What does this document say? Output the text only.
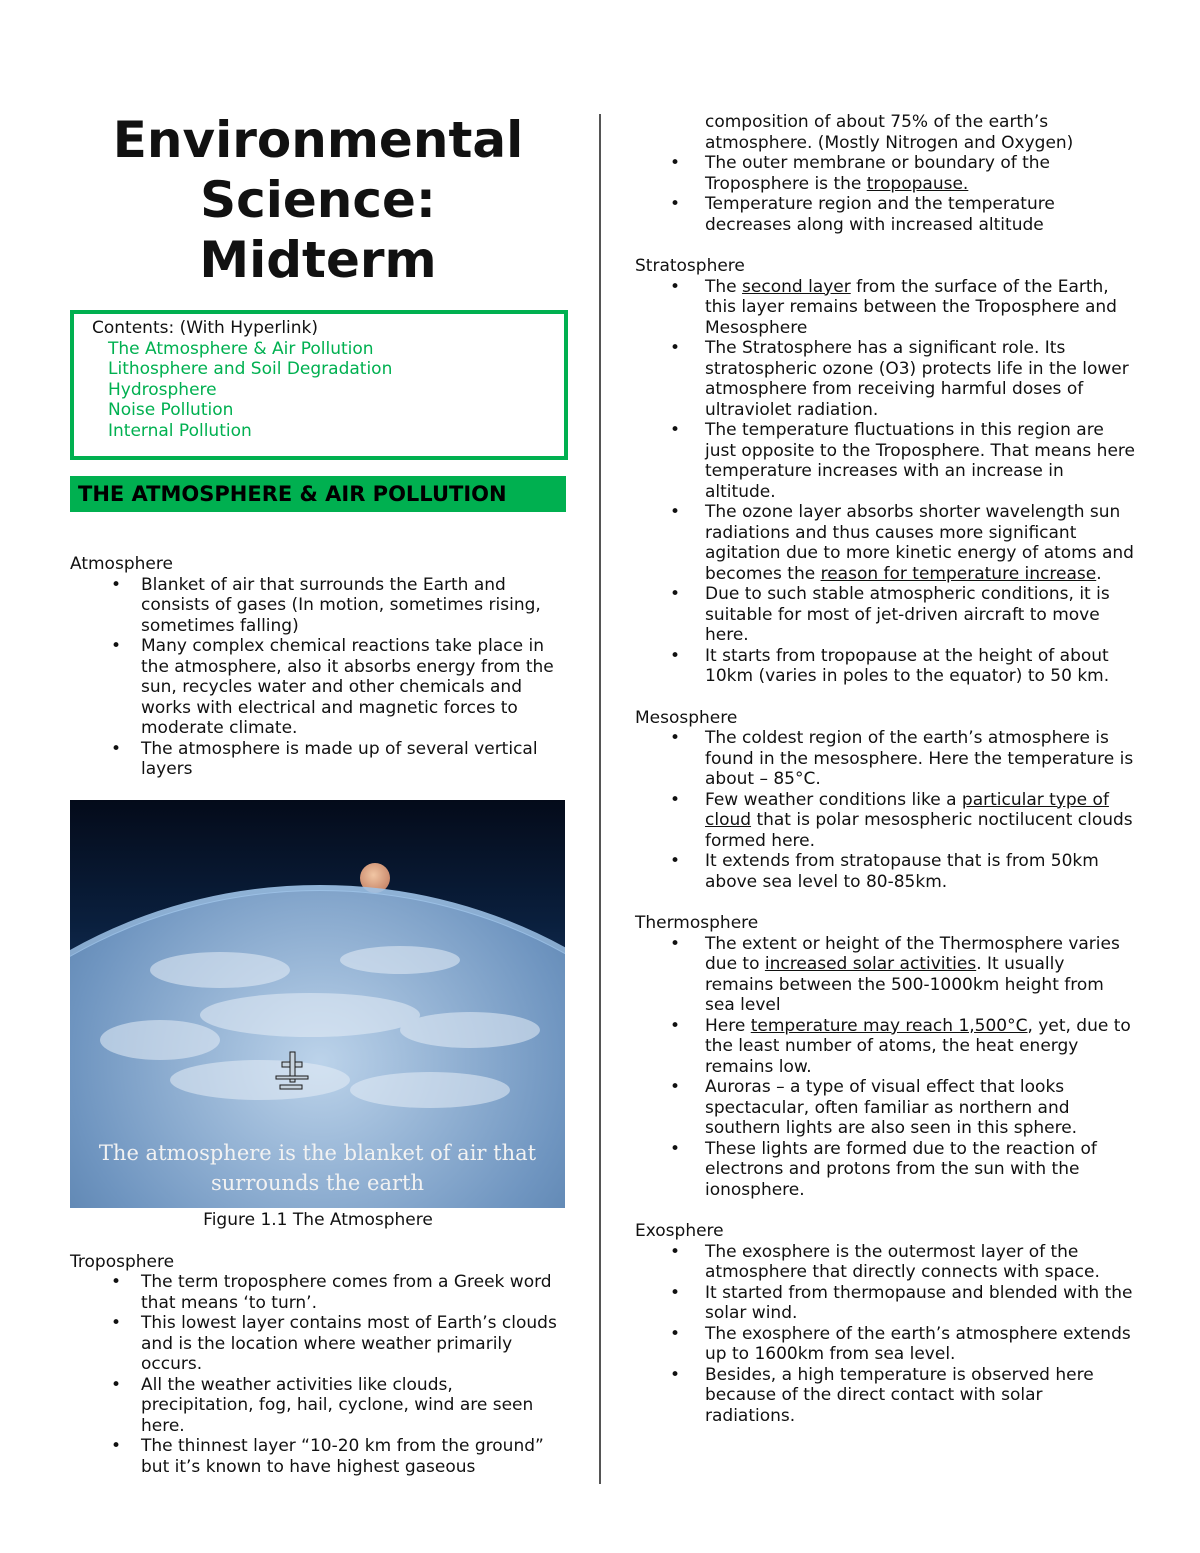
Environmental
Science:
Midterm
Contents: (With Hyperlink)
The Atmosphere & Air Pollution
Lithosphere and Soil Degradation
Hydrosphere
Noise Pollution
Internal Pollution
THE ATMOSPHERE & AIR POLLUTION
Atmosphere
• Blanket of air that surrounds the Earth and consists of gases (In motion, sometimes rising, sometimes falling)
• Many complex chemical reactions take place in the atmosphere, also it absorbs energy from the sun, recycles water and other chemicals and works with electrical and magnetic forces to moderate climate.
• The atmosphere is made up of several vertical layers
The atmosphere is the blanket of air that
surrounds the earth
Figure 1.1 The Atmosphere
Troposphere
• The term troposphere comes from a Greek word that means ‘to turn’.
• This lowest layer contains most of Earth’s clouds and is the location where weather primarily occurs.
• All the weather activities like clouds, precipitation, fog, hail, cyclone, wind are seen here.
• The thinnest layer “10-20 km from the ground” but it’s known to have highest gaseous
composition of about 75% of the earth’s atmosphere. (Mostly Nitrogen and Oxygen)
• The outer membrane or boundary of the Troposphere is the tropopause.
• Temperature region and the temperature decreases along with increased altitude
Stratosphere
• The second layer from the surface of the Earth, this layer remains between the Troposphere and Mesosphere
• The Stratosphere has a significant role. Its stratospheric ozone (O3) protects life in the lower atmosphere from receiving harmful doses of ultraviolet radiation.
• The temperature fluctuations in this region are just opposite to the Troposphere. That means here temperature increases with an increase in altitude.
• The ozone layer absorbs shorter wavelength sun radiations and thus causes more significant agitation due to more kinetic energy of atoms and becomes the reason for temperature increase.
• Due to such stable atmospheric conditions, it is suitable for most of jet-driven aircraft to move here.
• It starts from tropopause at the height of about 10km (varies in poles to the equator) to 50 km.
Mesosphere
• The coldest region of the earth’s atmosphere is found in the mesosphere. Here the temperature is about – 85°C.
• Few weather conditions like a particular type of cloud that is polar mesospheric noctilucent clouds formed here.
• It extends from stratopause that is from 50km above sea level to 80-85km.
Thermosphere
• The extent or height of the Thermosphere varies due to increased solar activities. It usually remains between the 500-1000km height from sea level
• Here temperature may reach 1,500°C, yet, due to the least number of atoms, the heat energy remains low.
• Auroras – a type of visual effect that looks spectacular, often familiar as northern and southern lights are also seen in this sphere.
• These lights are formed due to the reaction of electrons and protons from the sun with the ionosphere.
Exosphere
• The exosphere is the outermost layer of the atmosphere that directly connects with space.
• It started from thermopause and blended with the solar wind.
• The exosphere of the earth’s atmosphere extends up to 1600km from sea level.
• Besides, a high temperature is observed here because of the direct contact with solar radiations.
